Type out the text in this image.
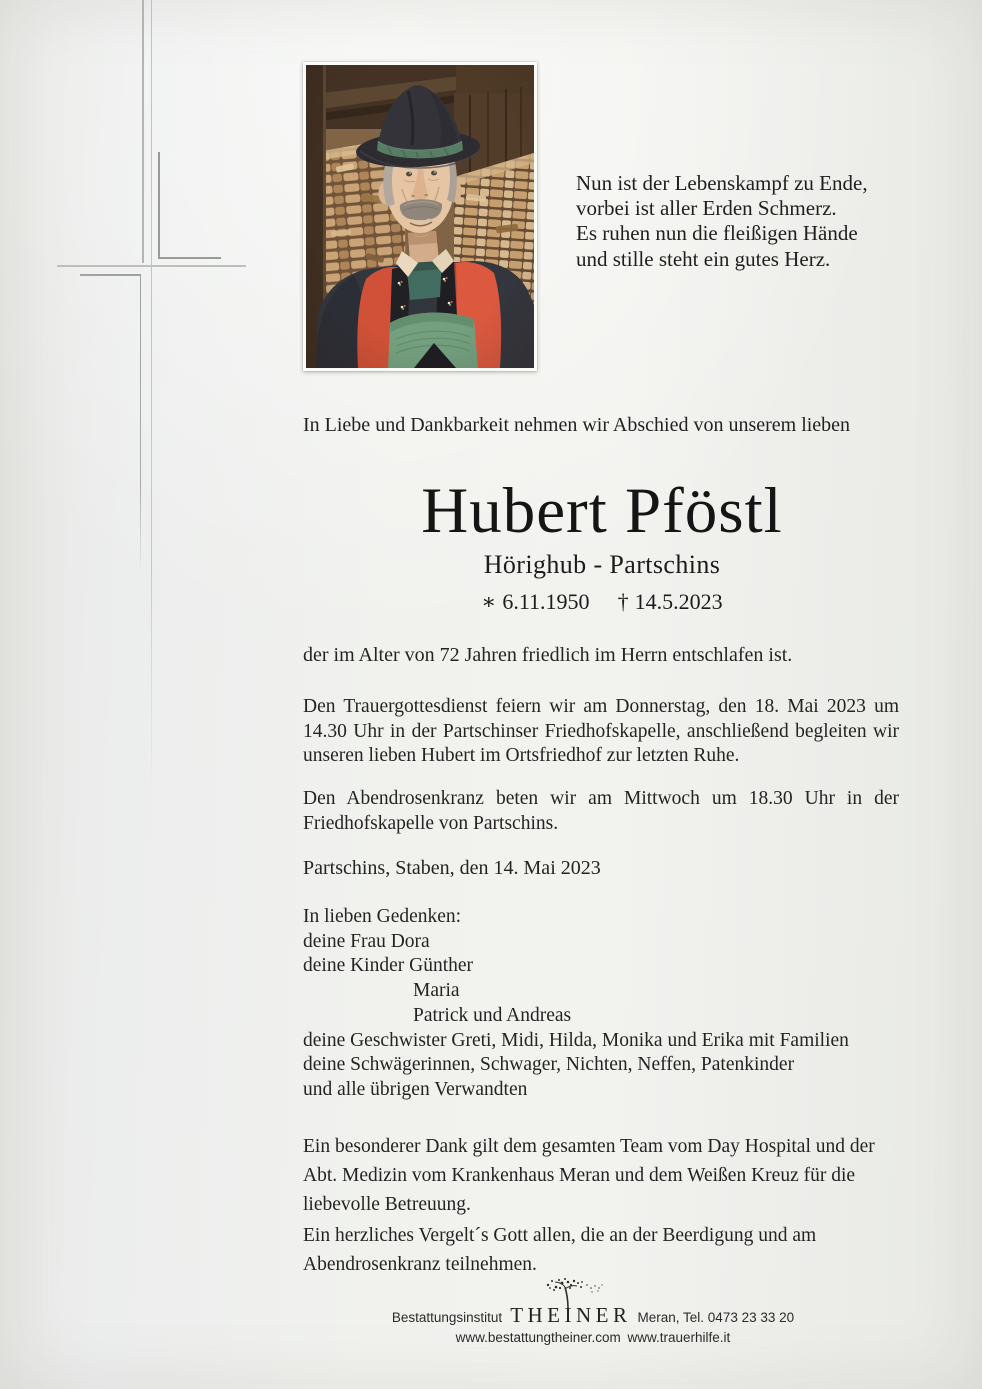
Nun ist der Lebenskampf zu Ende,
vorbei ist aller Erden Schmerz.
Es ruhen nun die fleißigen Hände
und stille steht ein gutes Herz.
In Liebe und Dankbarkeit nehmen wir Abschied von unserem lieben
Hubert Pföstl
Hörighub - Partschins
∗ 6.11.1950 † 14.5.2023
der im Alter von 72 Jahren friedlich im Herrn entschlafen ist.
Den Trauergottesdienst feiern wir am Donnerstag, den 18. Mai 2023 um
14.30 Uhr in der Partschinser Friedhofskapelle, anschließend begleiten wir
unseren lieben Hubert im Ortsfriedhof zur letzten Ruhe.
Den Abendrosenkranz beten wir am Mittwoch um 18.30 Uhr in der
Friedhofskapelle von Partschins.
Partschins, Staben, den 14. Mai 2023
In lieben Gedenken:
deine Frau Dora
deine Kinder Günther
Maria
Patrick und Andreas
deine Geschwister Greti, Midi, Hilda, Monika und Erika mit Familien
deine Schwägerinnen, Schwager, Nichten, Neffen, Patenkinder
und alle übrigen Verwandten
Ein besonderer Dank gilt dem gesamten Team vom Day Hospital und der
Abt. Medizin vom Krankenhaus Meran und dem Weißen Kreuz für die
liebevolle Betreuung.
Ein herzliches Vergelt´s Gott allen, die an der Beerdigung und am
Abendrosenkranz teilnehmen.
Bestattungsinstitut THEINER Meran, Tel. 0473 23 33 20
www.bestattungtheiner.com www.trauerhilfe.it
